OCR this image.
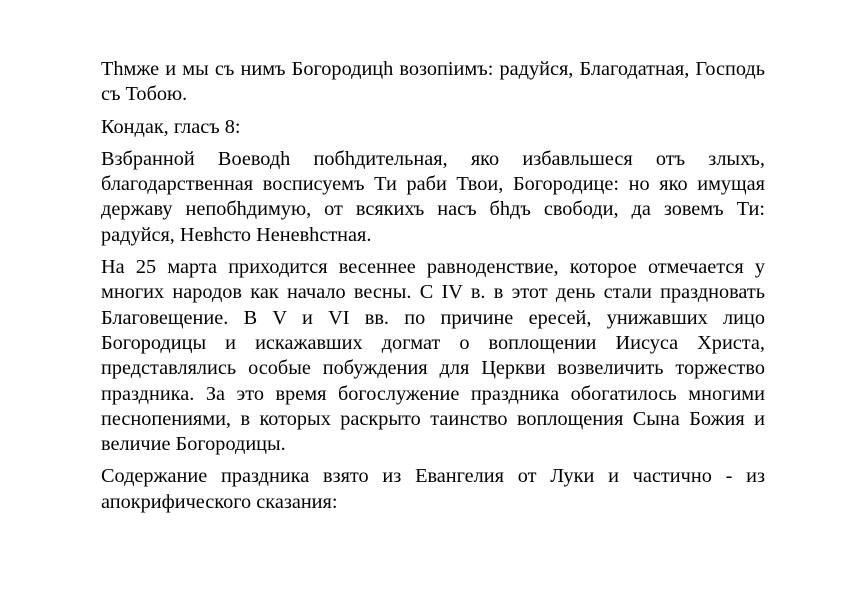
Тhмже и мы съ нимъ Богородицh возопiимъ: радуйся, Благодатная, Господь съ Тобою.

Кондак, гласъ 8:

Взбранной Воеводh побhдительная, яко избавльшеся отъ злыхъ, благодарственная восписуемъ Ти раби Твои, Богородице: но яко имущая державу непобhдимую, от всякихъ насъ бhдъ свободи, да зовемъ Ти: радуйся, Невhсто Неневhстная.

На 25 марта приходится весеннее равноденствие, которое отмечается у многих народов как начало весны. С IV в. в этот день стали праздновать Благовещение. В V и VI вв. по причине ересей, унижавших лицо Богородицы и искажавших догмат о воплощении Иисуса Христа, представлялись особые побуждения для Церкви возвеличить торжество праздника. За это время богослужение праздника обогатилось многими песнопениями, в которых раскрыто таинство воплощения Сына Божия и величие Богородицы.

Содержание праздника взято из Евангелия от Луки и частично - из апокрифического сказания:
